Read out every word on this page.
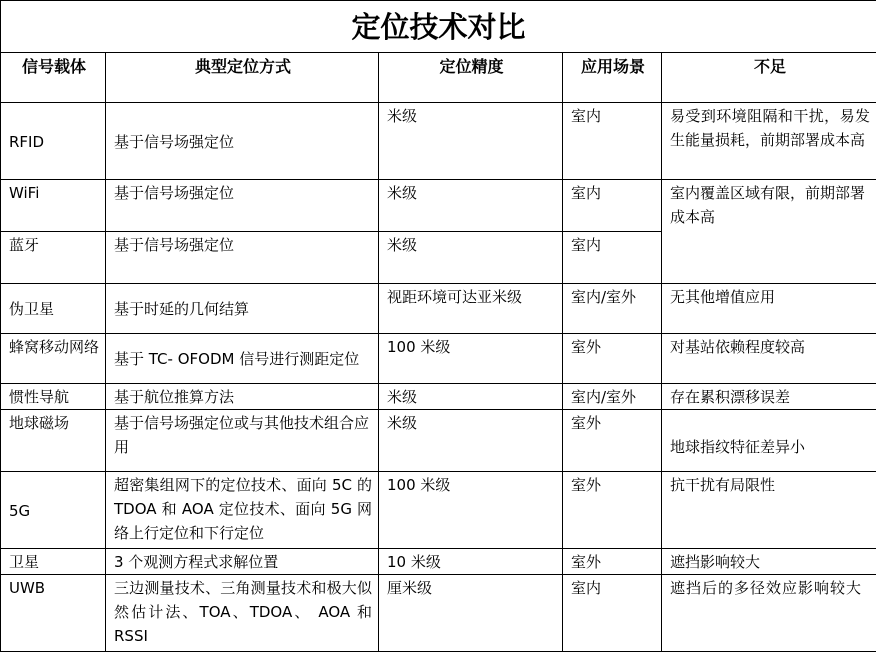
定位技术对比				
信号载体	典型定位方式	定位精度	应用场景	不足
RFID	基于信号场强定位	米级	室内	易受到环境阻隔和干扰，易发生能量损耗，前期部署成本高
WiFi	基于信号场强定位	米级	室内	室内覆盖区域有限，前期部署成本高
蓝牙	基于信号场强定位	米级	室内	
伪卫星	基于时延的几何结算	视距环境可达亚米级	室内/室外	无其他增值应用
蜂窝移动网络	基于 TC- OFODM 信号进行测距定位	100 米级	室外	对基站依赖程度较高
惯性导航	基于航位推算方法	米级	室内/室外	存在累积漂移误差
地球磁场	基于信号场强定位或与其他技术组合应用	米级	室外	地球指纹特征差异小
5G	超密集组网下的定位技术、面向 5C 的 TDOA 和 AOA 定位技术、面向 5G 网络上行定位和下行定位	100 米级	室外	抗干扰有局限性
卫星	3 个观测方程式求解位置	10 米级	室外	遮挡影响较大
UWB	三边测量技术、三角测量技术和极大似然估计法、TOA、TDOA、 AOA 和 RSSI	厘米级	室内	遮挡后的多径效应影响较大
